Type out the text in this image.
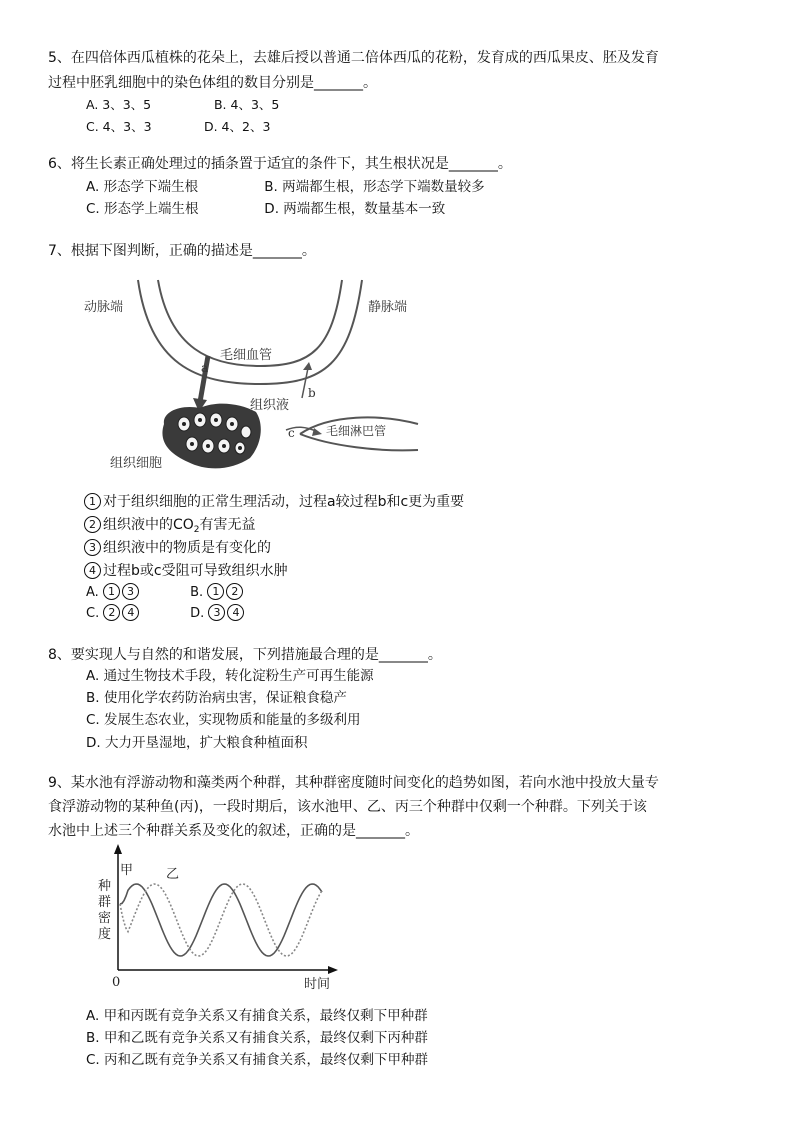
5、在四倍体西瓜植株的花朵上，去雄后授以普通二倍体西瓜的花粉，发育成的西瓜果皮、胚及发育
过程中胚乳细胞中的染色体组的数目分别是_______。
A. 3、3、5	B. 4、3、5
C. 4、3、3	D. 4、2、3
6、将生长素正确处理过的插条置于适宜的条件下，其生根状况是_______。
A. 形态学下端生根	B. 两端都生根，形态学下端数量较多
C. 形态学上端生根	D. 两端都生根，数量基本一致
7、根据下图判断，正确的描述是_______。
动脉端	静脉端
毛细血管
a
b
组织液
c	毛细淋巴管
组织细胞
1 对于组织细胞的正常生理活动，过程a较过程b和c更为重要
2 组织液中的$CO_2$有害无益
3 组织液中的物质是有变化的
4 过程b或c受阻可导致组织水肿
A. 1 3	B. 1 2
C. 2 4	D. 3 4
8、要实现人与自然的和谐发展，下列措施最合理的是_______。
A. 通过生物技术手段，转化淀粉生产可再生能源
B. 使用化学农药防治病虫害，保证粮食稳产
C. 发展生态农业，实现物质和能量的多级利用
D. 大力开垦湿地，扩大粮食种植面积
9、某水池有浮游动物和藻类两个种群，其种群密度随时间变化的趋势如图，若向水池中投放大量专
食浮游动物的某种鱼(丙)，一段时期后，该水池甲、乙、丙三个种群中仅剩一个种群。下列关于该
水池中上述三个种群关系及变化的叙述，正确的是_______。
种
群
密
度
0	时间
甲	乙
A. 甲和丙既有竞争关系又有捕食关系，最终仅剩下甲种群
B. 甲和乙既有竞争关系又有捕食关系，最终仅剩下丙种群
C. 丙和乙既有竞争关系又有捕食关系，最终仅剩下甲种群
